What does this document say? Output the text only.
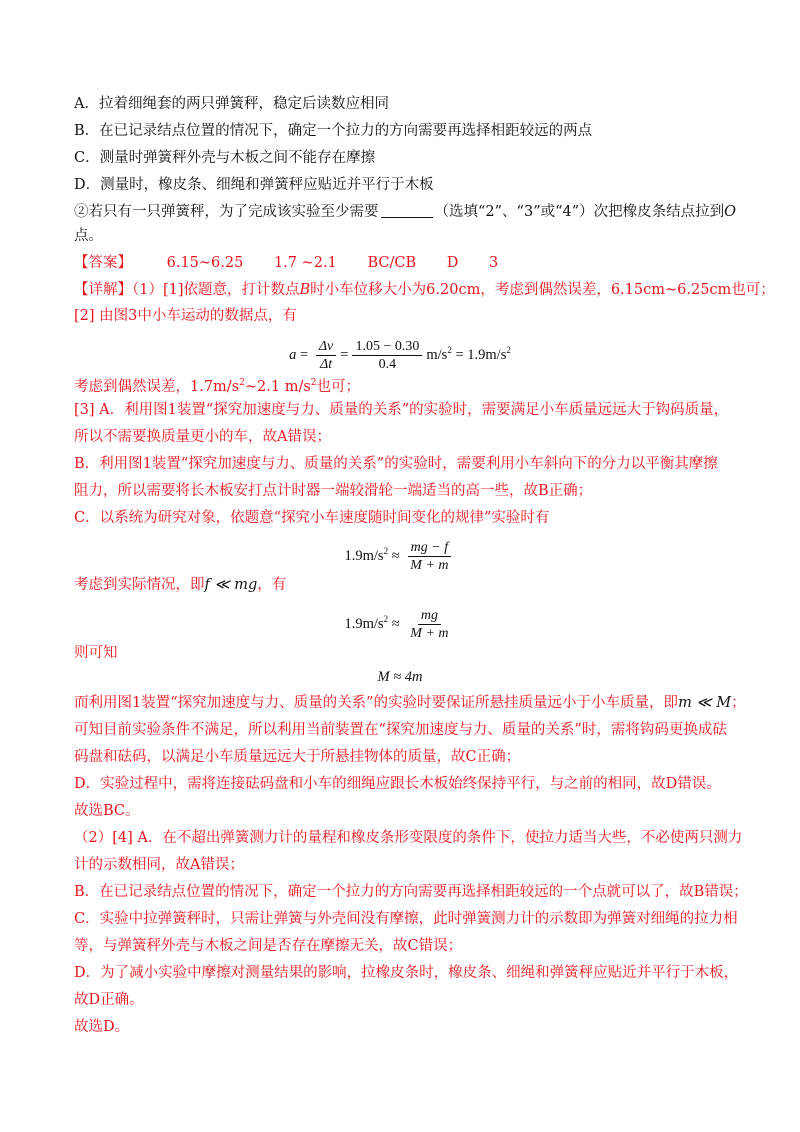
A．拉着细绳套的两只弹簧秤，稳定后读数应相同
B．在已记录结点位置的情况下，确定一个拉力的方向需要再选择相距较远的两点
C．测量时弹簧秤外壳与木板之间不能存在摩擦
D．测量时，橡皮条、细绳和弹簧秤应贴近并平行于木板
②若只有一只弹簧秤，为了完成该实验至少需要	（选填“2”、“3”或“4”）次把橡皮条结点拉到O
点。
【答案】 6.15~6.25 1.7 ~2.1 BC/CB D 3
【详解】（1）[1]依题意，打计数点B时小车位移大小为6.20cm，考虑到偶然误差，6.15cm~6.25cm也可；
[2] 由图3中小车运动的数据点，有
$a = \frac{\Delta v}{\Delta t} = \frac{1.05 - 0.30}{0.4} m/s^2 = 1.9m/s^2$
考虑到偶然误差，$1.7m/s^2\sim 2.1$ $m/s^2$也可；
[3] A．利用图1装置“探究加速度与力、质量的关系”的实验时，需要满足小车质量远远大于钩码质量，
所以不需要换质量更小的车，故A错误；
B．利用图1装置“探究加速度与力、质量的关系”的实验时，需要利用小车斜向下的分力以平衡其摩擦
阻力，所以需要将长木板安打点计时器一端较滑轮一端适当的高一些，故B正确；
C．以系统为研究对象，依题意“探究小车速度随时间变化的规律”实验时有
$1.9m/s^2 \approx \frac{mg - f}{M + m}$
考虑到实际情况，即f ≪ mg，有
$1.9m/s^2 \approx \frac{mg}{M + m}$
则可知
M ≈ 4m
而利用图1装置“探究加速度与力、质量的关系”的实验时要保证所悬挂质量远小于小车质量，即m ≪ M；
可知目前实验条件不满足，所以利用当前装置在“探究加速度与力、质量的关系”时，需将钩码更换成砝
码盘和砝码，以满足小车质量远远大于所悬挂物体的质量，故C正确；
D．实验过程中，需将连接砝码盘和小车的细绳应跟长木板始终保持平行，与之前的相同，故D错误。
故选BC。
（2）[4] A．在不超出弹簧测力计的量程和橡皮条形变限度的条件下，使拉力适当大些，不必使两只测力
计的示数相同，故A错误；
B．在已记录结点位置的情况下，确定一个拉力的方向需要再选择相距较远的一个点就可以了，故B错误；
C．实验中拉弹簧秤时，只需让弹簧与外壳间没有摩擦，此时弹簧测力计的示数即为弹簧对细绳的拉力相
等，与弹簧秤外壳与木板之间是否存在摩擦无关，故C错误；
D．为了减小实验中摩擦对测量结果的影响，拉橡皮条时，橡皮条、细绳和弹簧秤应贴近并平行于木板，
故D正确。
故选D。
